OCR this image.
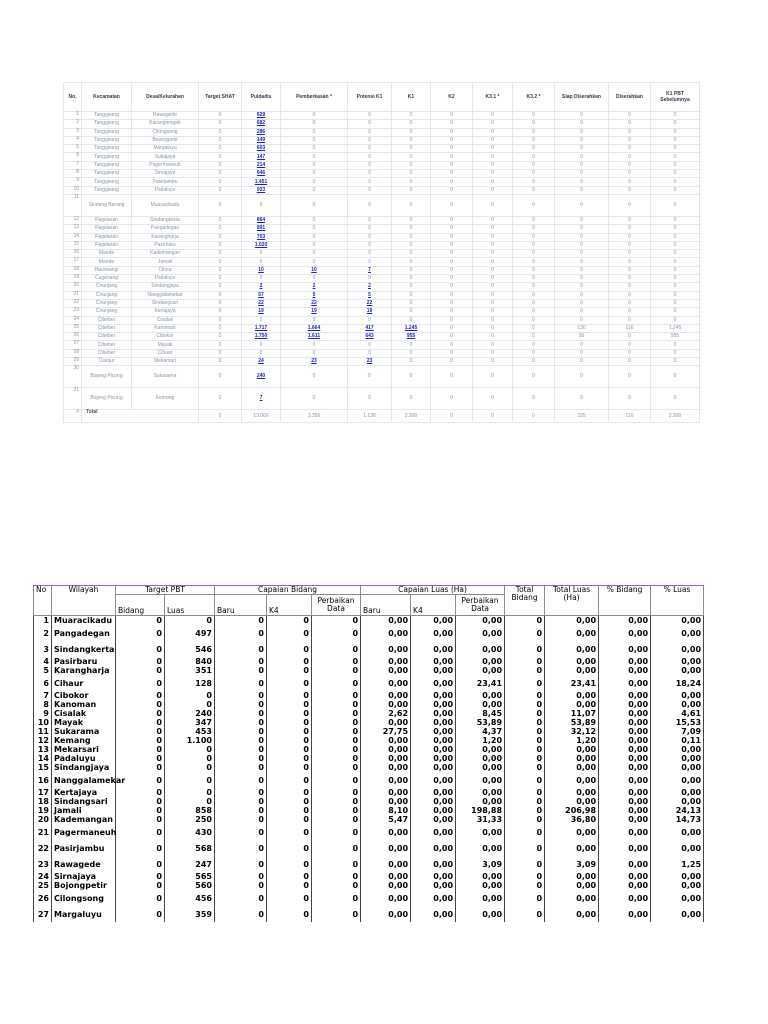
No.	Kecamatan	Desa/Kelurahan	Target SHAT	Puldadis	Pemberkasan *	Potensi K1	K1	K2	K3.1 *	K3.2 *	Siap Diserahkan	Diserahkan	K1 PBT Sebelumnya
1	Tanggeung	Rawagede	0	629	0	0	0	0	0	0	0	0	0
2	Tanggeung	Karangtengah	0	682	0	0	0	0	0	0	0	0	0
3	Tanggeung	Cilongsong	0	286	0	0	0	0	0	0	0	0	0
4	Tanggeung	Bojongpetir	0	149	0	0	0	0	0	0	0	0	0
5	Tanggeung	Margaluyu	0	603	0	0	0	0	0	0	0	0	0
6	Tanggeung	Sukajaya	0	147	0	0	0	0	0	0	0	0	0
7	Tanggeung	Pagermaneuh	0	214	0	0	0	0	0	0	0	0	0
8	Tanggeung	Sirnajaya	0	646	0	0	0	0	0	0	0	0	0
9	Tanggeung	Pasirjambu	0	1.451	0	0	0	0	0	0	0	0	0
10	Tanggeung	Padaluyu	0	933	0	0	0	0	0	0	0	0	0
11	Sindang Barang	Muaracikadu	0	0	0	0	0	0	0	0	0	0	0
12	Pagelaran	Sindangkerta	0	864	0	0	0	0	0	0	0	0	0
13	Pagelaran	Pangadegan	0	891	0	0	0	0	0	0	0	0	0
14	Pagelaran	Karangharja	0	703	0	0	0	0	0	0	0	0	0
15	Pagelaran	Pasirbaru	0	1.020	0	0	0	0	0	0	0	0	0
16	Mande	Kademangan	0	0	0	0	0	0	0	0	0	0	0
17	Mande	Jamali	0	0	0	0	0	0	0	0	0	0	0
18	Haurwangi	Cihea	0	10	10	7	0	0	0	0	0	0	0
19	Cugenang	Padaluyu	0	0	0	0	0	0	0	0	0	0	0
20	Ciranjang	Sindangjaya	0	2	2	2	0	0	0	0	0	0	0
21	Ciranjang	Nanggalamekar	0	57	5	5	0	0	0	0	0	0	0
22	Ciranjang	Sindangsari	0	22	22	22	0	0	0	0	0	0	0
23	Ciranjang	Kertajaya	0	19	19	19	0	0	0	0	0	0	0
24	Cibeber	Cisalak	0	0	0	0	0	0	0	0	0	0	0
25	Cibeber	Kanoman	0	1.717	1.664	417	1.245	0	0	0	130	116	1.245
26	Cibeber	Cibokor	0	1.750	1.611	643	955	0	0	0	95	0	955
27	Cibeber	Mayak	0	0	0	0	0	0	0	0	0	0	0
28	Cibeber	Cihaur	0	0	0	0	0	0	0	0	0	0	0
29	Cianjur	Mekarsari	0	24	23	23	0	0	0	0	0	0	0
30	Bojong Picung	Sukarama	0	240	0	0	0	0	0	0	0	0	0
31	Bojong Picung	Kemang	0	7	0	0	0	0	0	0	0	0	0
#	Total		0	13.066	3.356	1.138	2.200	0	0	0	225	116	2.200
No	Wilayah	Target PBT		Capaian Bidang			Capaian Luas (Ha)			Total Bidang	Total Luas (Ha)	% Bidang	% Luas
		Bidang	Luas	Baru	K4	Perbaikan Data	Baru	K4	Perbaikan Data				
1	Muaracikadu	0	0	0	0	0	0,00	0,00	0,00	0	0,00	0,00	0,00
2	Pangadegan	0	497	0	0	0	0,00	0,00	0,00	0	0,00	0,00	0,00
3	Sindangkerta	0	546	0	0	0	0,00	0,00	0,00	0	0,00	0,00	0,00
4	Pasirbaru	0	840	0	0	0	0,00	0,00	0,00	0	0,00	0,00	0,00
5	Karangharja	0	351	0	0	0	0,00	0,00	0,00	0	0,00	0,00	0,00
6	Cihaur	0	128	0	0	0	0,00	0,00	23,41	0	23,41	0,00	18,24
7	Cibokor	0	0	0	0	0	0,00	0,00	0,00	0	0,00	0,00	0,00
8	Kanoman	0	0	0	0	0	0,00	0,00	0,00	0	0,00	0,00	0,00
9	Cisalak	0	240	0	0	0	2,62	0,00	8,45	0	11,07	0,00	4,61
10	Mayak	0	347	0	0	0	0,00	0,00	53,89	0	53,89	0,00	15,53
11	Sukarama	0	453	0	0	0	27,75	0,00	4,37	0	32,12	0,00	7,09
12	Kemang	0	1.100	0	0	0	0,00	0,00	1,20	0	1,20	0,00	0,11
13	Mekarsari	0	0	0	0	0	0,00	0,00	0,00	0	0,00	0,00	0,00
14	Padaluyu	0	0	0	0	0	0,00	0,00	0,00	0	0,00	0,00	0,00
15	Sindangjaya	0	0	0	0	0	0,00	0,00	0,00	0	0,00	0,00	0,00
16	Nanggalamekar	0	0	0	0	0	0,00	0,00	0,00	0	0,00	0,00	0,00
17	Kertajaya	0	0	0	0	0	0,00	0,00	0,00	0	0,00	0,00	0,00
18	Sindangsari	0	0	0	0	0	0,00	0,00	0,00	0	0,00	0,00	0,00
19	Jamali	0	858	0	0	0	8,10	0,00	198,88	0	206,98	0,00	24,13
20	Kademangan	0	250	0	0	0	5,47	0,00	31,33	0	36,80	0,00	14,73
21	Pagermaneuh	0	430	0	0	0	0,00	0,00	0,00	0	0,00	0,00	0,00
22	Pasirjambu	0	568	0	0	0	0,00	0,00	0,00	0	0,00	0,00	0,00
23	Rawagede	0	247	0	0	0	0,00	0,00	3,09	0	3,09	0,00	1,25
24	Sirnajaya	0	565	0	0	0	0,00	0,00	0,00	0	0,00	0,00	0,00
25	Bojongpetir	0	560	0	0	0	0,00	0,00	0,00	0	0,00	0,00	0,00
26	Cilongsong	0	456	0	0	0	0,00	0,00	0,00	0	0,00	0,00	0,00
27	Margaluyu	0	359	0	0	0	0,00	0,00	0,00	0	0,00	0,00	0,00
